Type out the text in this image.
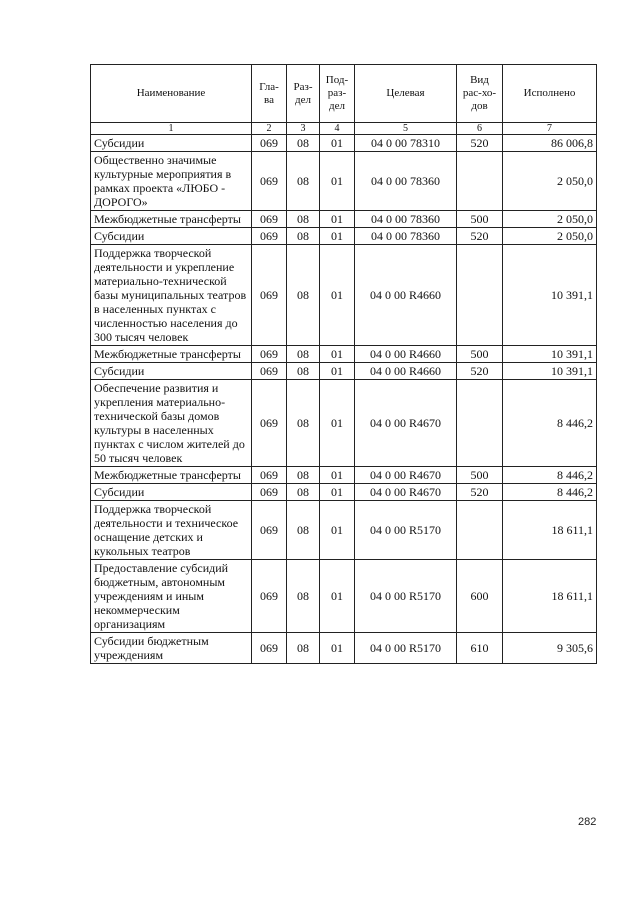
Наименование	Гла-ва	Раз-дел	Под-раз-дел	Целевая	Вид рас-хо-дов	Исполнено
1	2	3	4	5	6	7
Субсидии	069	08	01	04 0 00 78310	520	86 006,8
Общественно значимые культурные мероприятия в рамках проекта «ЛЮБО - ДОРОГО»	069	08	01	04 0 00 78360		2 050,0
Межбюджетные трансферты	069	08	01	04 0 00 78360	500	2 050,0
Субсидии	069	08	01	04 0 00 78360	520	2 050,0
Поддержка творческой деятельности и укрепление материально-технической базы муниципальных театров в населенных пунктах с численностью населения до 300 тысяч человек	069	08	01	04 0 00 R4660		10 391,1
Межбюджетные трансферты	069	08	01	04 0 00 R4660	500	10 391,1
Субсидии	069	08	01	04 0 00 R4660	520	10 391,1
Обеспечение развития и укрепления материально-технической базы домов культуры в населенных пунктах с числом жителей до 50 тысяч человек	069	08	01	04 0 00 R4670		8 446,2
Межбюджетные трансферты	069	08	01	04 0 00 R4670	500	8 446,2
Субсидии	069	08	01	04 0 00 R4670	520	8 446,2
Поддержка творческой деятельности и техническое оснащение детских и кукольных театров	069	08	01	04 0 00 R5170		18 611,1
Предоставление субсидий бюджетным, автономным учреждениям и иным некоммерческим организациям	069	08	01	04 0 00 R5170	600	18 611,1
Субсидии бюджетным учреждениям	069	08	01	04 0 00 R5170	610	9 305,6
282
